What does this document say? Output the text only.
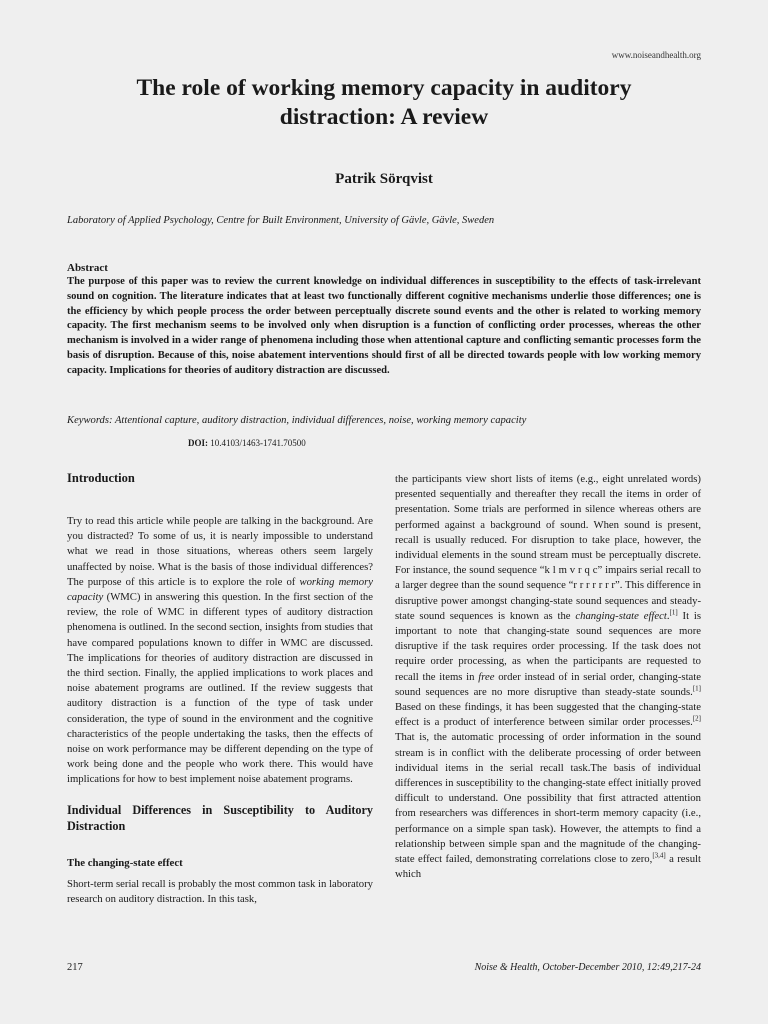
www.noiseandhealth.org
The role of working memory capacity in auditory distraction: A review
Patrik Sörqvist
Laboratory of Applied Psychology, Centre for Built Environment, University of Gävle, Gävle, Sweden
Abstract

The purpose of this paper was to review the current knowledge on individual differences in susceptibility to the effects of task-irrelevant sound on cognition. The literature indicates that at least two functionally different cognitive mechanisms underlie those differences; one is the efficiency by which people process the order between perceptually discrete sound events and the other is related to working memory capacity. The first mechanism seems to be involved only when disruption is a function of conflicting order processes, whereas the other mechanism is involved in a wider range of phenomena including those when attentional capture and conflicting semantic processes form the basis of disruption. Because of this, noise abatement interventions should first of all be directed towards people with low working memory capacity. Implications for theories of auditory distraction are discussed.

Keywords: Attentional capture, auditory distraction, individual differences, noise, working memory capacity
DOI: 10.4103/1463-1741.70500

Introduction

Try to read this article while people are talking in the background. Are you distracted? To some of us, it is nearly impossible to understand what we read in those situations, whereas others seem largely unaffected by noise. What is the basis of those individual differences? The purpose of this article is to explore the role of working memory capacity (WMC) in answering this question. In the first section of the review, the role of WMC in different types of auditory distraction phenomena is outlined. In the second section, insights from studies that have compared populations known to differ in WMC are discussed. The implications for theories of auditory distraction are discussed in the third section. Finally, the applied implications to work places and noise abatement programs are outlined. If the review suggests that auditory distraction is a function of the type of task under consideration, the type of sound in the environment and the cognitive characteristics of the people undertaking the tasks, then the effects of noise on work performance may be different depending on the type of work being done and the people who work there. This would have implications for how to best implement noise abatement programs.

Individual Differences in Susceptibility to Auditory Distraction

The changing-state effect

Short-term serial recall is probably the most common task in laboratory research on auditory distraction. In this task,

the participants view short lists of items (e.g., eight unrelated words) presented sequentially and thereafter they recall the items in order of presentation. Some trials are performed in silence whereas others are performed against a background of sound. When sound is present, recall is usually reduced. For disruption to take place, however, the individual elements in the sound stream must be perceptually discrete. For instance, the sound sequence “k l m v r q c” impairs serial recall to a larger degree than the sound sequence “r r r r r r r”. This difference in disruptive power amongst changing-state sound sequences and steady-state sound sequences is known as the changing-state effect.[1] It is important to note that changing-state sound sequences are more disruptive if the task requires order processing. If the task does not require order processing, as when the participants are requested to recall the items in free order instead of in serial order, changing-state sound sequences are no more disruptive than steady-state sounds.[1] Based on these findings, it has been suggested that the changing-state effect is a product of interference between similar order processes.[2] That is, the automatic processing of order information in the sound stream is in conflict with the deliberate processing of order between individual items in the serial recall task.The basis of individual differences in susceptibility to the changing-state effect initially proved difficult to understand. One possibility that first attracted attention from researchers was differences in short-term memory capacity (i.e., performance on a simple span task). However, the attempts to find a relationship between simple span and the magnitude of the changing-state effect failed, demonstrating correlations close to zero,[3,4] a result which

217	Noise & Health, October-December 2010, 12:49,217-24
